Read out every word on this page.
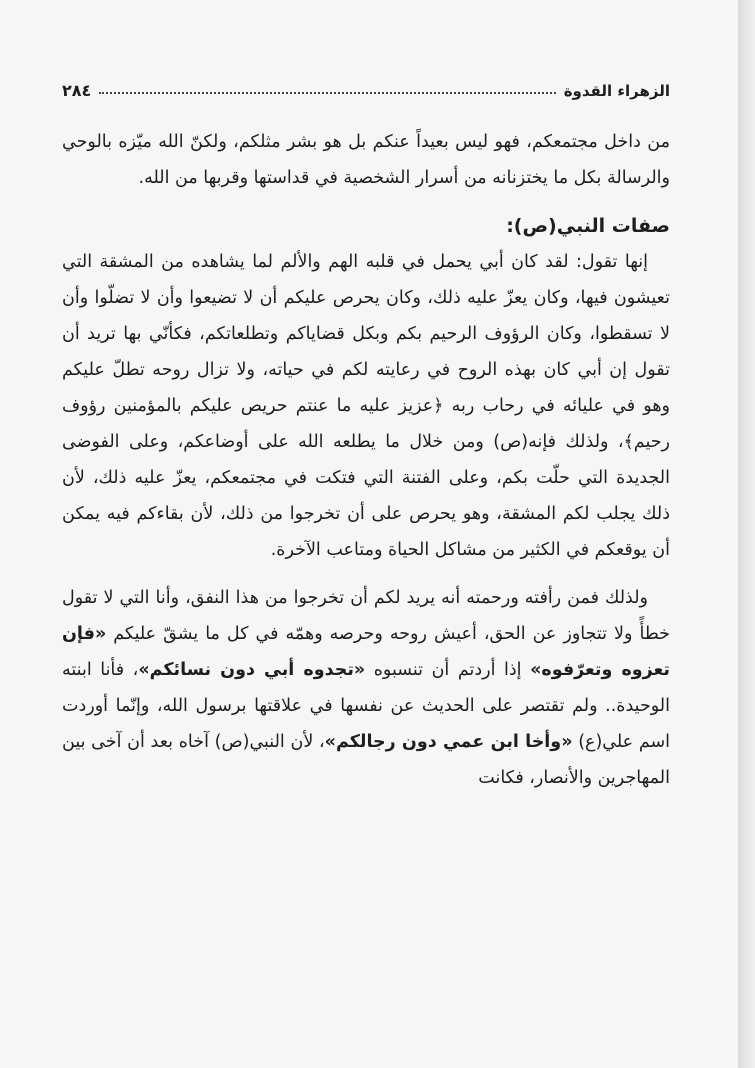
الزهراء القدوة
٢٨٤

من داخل مجتمعكم، فهو ليس بعيداً عنكم بل هو بشر مثلكم، ولكنّ الله ميّزه بالوحي والرسالة بكل ما يختزنانه من أسرار الشخصية في قداستها وقربها من الله.

صفات النبي(ص):

إنها تقول: لقد كان أبي يحمل في قلبه الهم والألم لما يشاهده من المشقة التي تعيشون فيها، وكان يعزّ عليه ذلك، وكان يحرص عليكم أن لا تضيعوا وأن لا تضلّوا وأن لا تسقطوا، وكان الرؤوف الرحيم بكم وبكل قضاياكم وتطلعاتكم، فكأنّي بها تريد أن تقول إن أبي كان بهذه الروح في رعايته لكم في حياته، ولا تزال روحه تطلّ عليكم وهو في عليائه في رحاب ربه ﴿عزيز عليه ما عنتم حريص عليكم بالمؤمنين رؤوف رحيم﴾، ولذلك فإنه(ص) ومن خلال ما يطلعه الله على أوضاعكم، وعلى الفوضى الجديدة التي حلّت بكم، وعلى الفتنة التي فتكت في مجتمعكم، يعزّ عليه ذلك، لأن ذلك يجلب لكم المشقة، وهو يحرص على أن تخرجوا من ذلك، لأن بقاءكم فيه يمكن أن يوقعكم في الكثير من مشاكل الحياة ومتاعب الآخرة.

ولذلك فمن رأفته ورحمته أنه يريد لكم أن تخرجوا من هذا النفق، وأنا التي لا تقول خطأً ولا تتجاوز عن الحق، أعيش روحه وحرصه وهمّه في كل ما يشقّ عليكم «فإن تعزوه وتعرّفوه» إذا أردتم أن تنسبوه «تجدوه أبي دون نسائكم»، فأنا ابنته الوحيدة.. ولم تقتصر على الحديث عن نفسها في علاقتها برسول الله، وإنّما أوردت اسم علي(ع) «وأخا ابن عمي دون رجالكم»، لأن النبي(ص) آخاه بعد أن آخى بين المهاجرين والأنصار، فكانت
